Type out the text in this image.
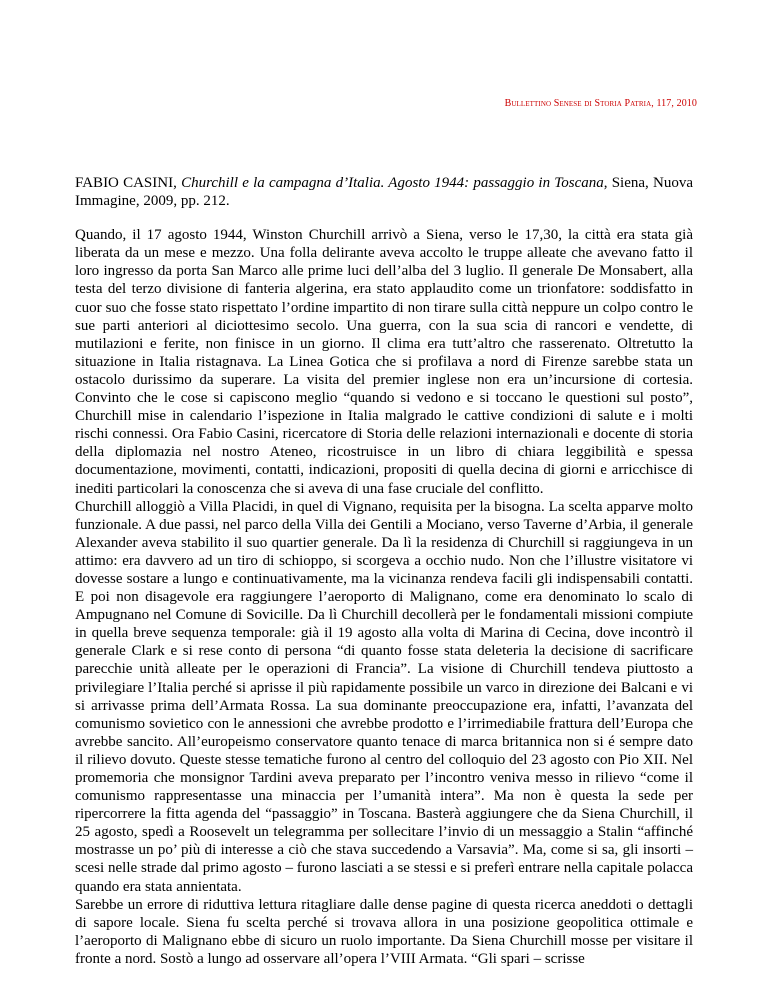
Bullettino Senese di Storia Patria, 117, 2010

FABIO CASINI, Churchill e la campagna d’Italia. Agosto 1944: passaggio in Toscana, Siena, Nuova Immagine, 2009, pp. 212.

Quando, il 17 agosto 1944, Winston Churchill arrivò a Siena, verso le 17,30, la città era stata già liberata da un mese e mezzo. Una folla delirante aveva accolto le truppe alleate che avevano fatto il loro ingresso da porta San Marco alle prime luci dell’alba del 3 luglio. Il generale De Monsabert, alla testa del terzo divisione di fanteria algerina, era stato applaudito come un trionfatore: soddisfatto in cuor suo che fosse stato rispettato l’ordine impartito di non tirare sulla città neppure un colpo contro le sue parti anteriori al diciottesimo secolo. Una guerra, con la sua scia di rancori e vendette, di mutilazioni e ferite, non finisce in un giorno. Il clima era tutt’altro che rasserenato. Oltretutto la situazione in Italia ristagnava. La Linea Gotica che si profilava a nord di Firenze sarebbe stata un ostacolo durissimo da superare. La visita del premier inglese non era un’incursione di cortesia. Convinto che le cose si capiscono meglio “quando si vedono e si toccano le questioni sul posto”, Churchill mise in calendario l’ispezione in Italia malgrado le cattive condizioni di salute e i molti rischi connessi. Ora Fabio Casini, ricercatore di Storia delle relazioni internazionali e docente di storia della diplomazia nel nostro Ateneo, ricostruisce in un libro di chiara leggibilità e spessa documentazione, movimenti, contatti, indicazioni, propositi di quella decina di giorni e arricchisce di inediti particolari la conoscenza che si aveva di una fase cruciale del conflitto.

Churchill alloggiò a Villa Placidi, in quel di Vignano, requisita per la bisogna. La scelta apparve molto funzionale. A due passi, nel parco della Villa dei Gentili a Mociano, verso Taverne d’Arbia, il generale Alexander aveva stabilito il suo quartier generale. Da lì la residenza di Churchill si raggiungeva in un attimo: era davvero ad un tiro di schioppo, si scorgeva a occhio nudo. Non che l’illustre visitatore vi dovesse sostare a lungo e continuativamente, ma la vicinanza rendeva facili gli indispensabili contatti. E poi non disagevole era raggiungere l’aeroporto di Malignano, come era denominato lo scalo di Ampugnano nel Comune di Sovicille. Da lì Churchill decollerà per le fondamentali missioni compiute in quella breve sequenza temporale: già il 19 agosto alla volta di Marina di Cecina, dove incontrò il generale Clark e si rese conto di persona “di quanto fosse stata deleteria la decisione di sacrificare parecchie unità alleate per le operazioni di Francia”. La visione di Churchill tendeva piuttosto a privilegiare l’Italia perché si aprisse il più rapidamente possibile un varco in direzione dei Balcani e vi si arrivasse prima dell’Armata Rossa. La sua dominante preoccupazione era, infatti, l’avanzata del comunismo sovietico con le annessioni che avrebbe prodotto e l’irrimediabile frattura dell’Europa che avrebbe sancito. All’europeismo conservatore quanto tenace di marca britannica non si é sempre dato il rilievo dovuto. Queste stesse tematiche furono al centro del colloquio del 23 agosto con Pio XII. Nel promemoria che monsignor Tardini aveva preparato per l’incontro veniva messo in rilievo “come il comunismo rappresentasse una minaccia per l’umanità intera”. Ma non è questa la sede per ripercorrere la fitta agenda del “passaggio” in Toscana. Basterà aggiungere che da Siena Churchill, il 25 agosto, spedì a Roosevelt un telegramma per sollecitare l’invio di un messaggio a Stalin “affinché mostrasse un po’ più di interesse a ciò che stava succedendo a Varsavia”. Ma, come si sa, gli insorti – scesi nelle strade dal primo agosto – furono lasciati a se stessi e si preferì entrare nella capitale polacca quando era stata annientata.

Sarebbe un errore di riduttiva lettura ritagliare dalle dense pagine di questa ricerca aneddoti o dettagli di sapore locale. Siena fu scelta perché si trovava allora in una posizione geopolitica ottimale e l’aeroporto di Malignano ebbe di sicuro un ruolo importante. Da Siena Churchill mosse per visitare il fronte a nord. Sostò a lungo ad osservare all’opera l’VIII Armata. “Gli spari – scrisse
